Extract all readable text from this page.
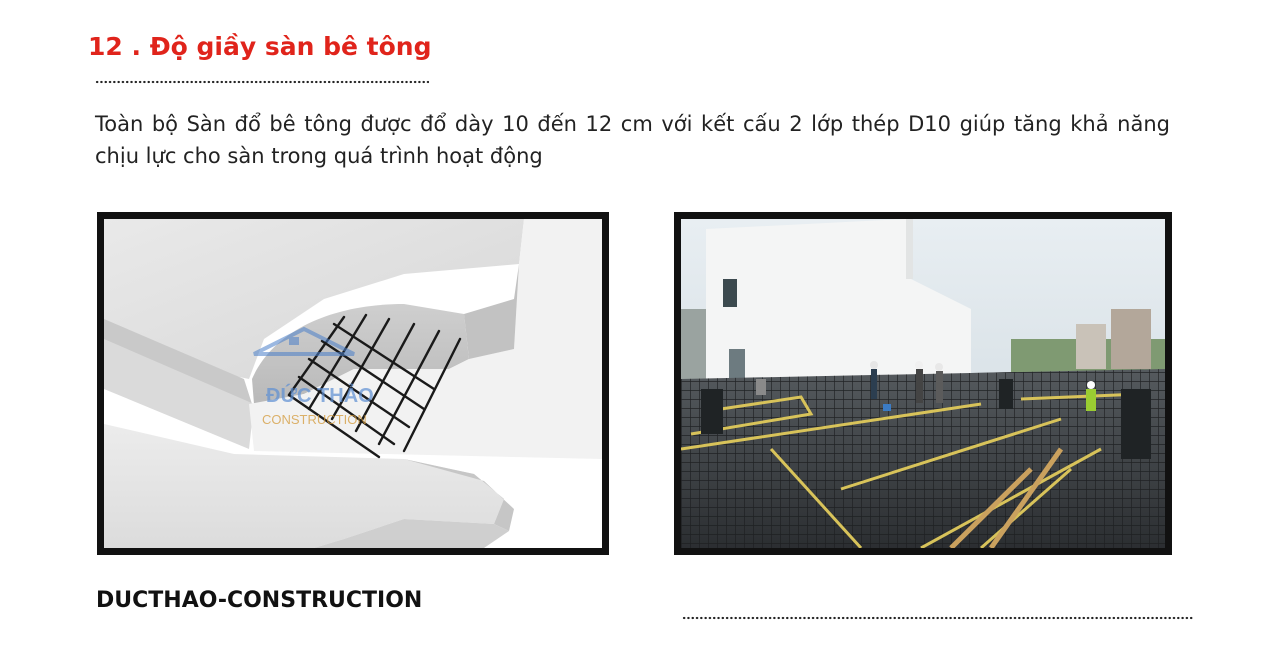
12 . Độ giầy sàn bê tông
Toàn bộ Sàn đổ bê tông được đổ dày 10 đến 12 cm với kết cấu 2 lớp thép D10 giúp tăng khả năng chịu lực cho sàn trong quá trình hoạt động
ĐỨC THẢO
CONSTRUCTION
DUCTHAO-CONSTRUCTION
